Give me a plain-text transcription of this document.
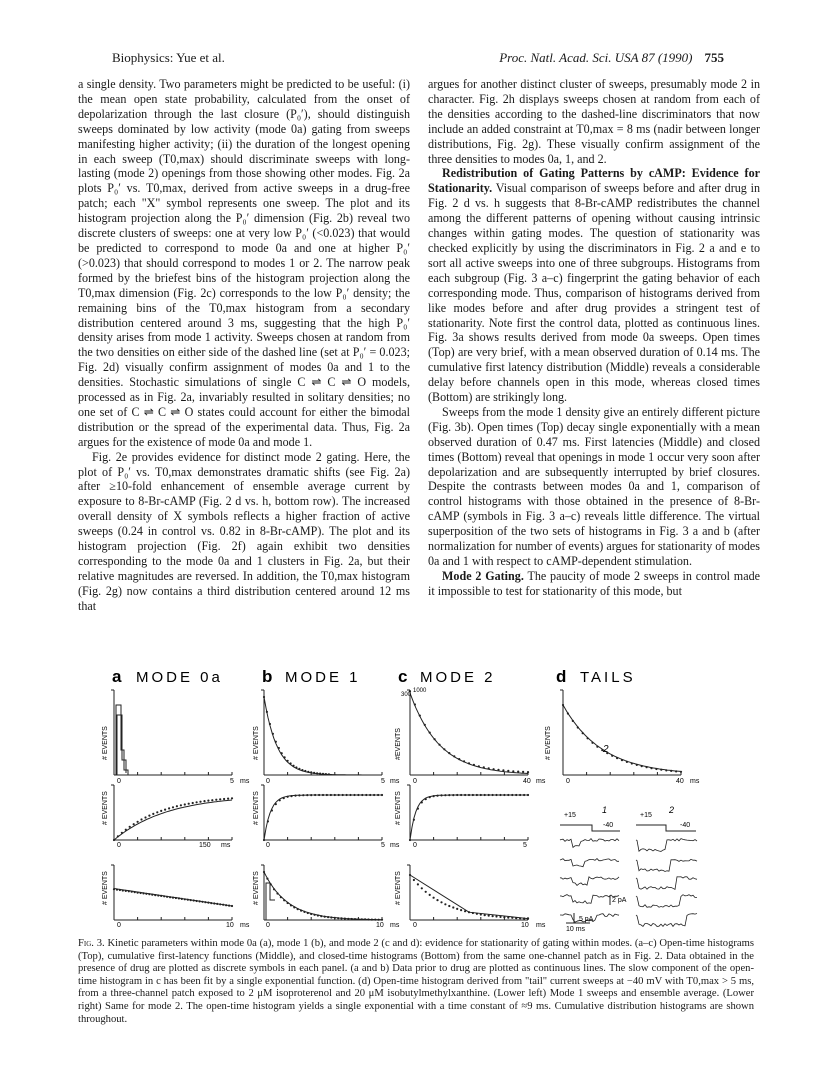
Biophysics: Yue et al.	Proc. Natl. Acad. Sci. USA 87 (1990) 755

a single density. Two parameters might be predicted to be useful: (i) the mean open state probability, calculated from the onset of depolarization through the last closure (P₀′), should distinguish sweeps dominated by low activity (mode 0a) gating from sweeps manifesting higher activity; (ii) the duration of the longest opening in each sweep (T0,max) should discriminate sweeps with long-lasting (mode 2) openings from those showing other modes. Fig. 2a plots P₀′ vs. T0,max, derived from active sweeps in a drug-free patch; each "X" symbol represents one sweep. The plot and its histogram projection along the P₀′ dimension (Fig. 2b) reveal two discrete clusters of sweeps: one at very low P₀′ (<0.023) that would be predicted to correspond to mode 0a and one at higher P₀′ (>0.023) that should correspond to modes 1 or 2. The narrow peak formed by the briefest bins of the histogram projection along the T0,max dimension (Fig. 2c) corresponds to the low P₀′ density; the remaining bins of the T0,max histogram from a secondary distribution centered around 3 ms, suggesting that the high P₀′ density arises from mode 1 activity. Sweeps chosen at random from the two densities on either side of the dashed line (set at P₀′ = 0.023; Fig. 2d) visually confirm assignment of modes 0a and 1 to the densities. Stochastic simulations of single C ⇌ C ⇌ O models, processed as in Fig. 2a, invariably resulted in solitary densities; no one set of C ⇌ C ⇌ O states could account for either the bimodal distribution or the spread of the experimental data. Thus, Fig. 2a argues for the existence of mode 0a and mode 1.

Fig. 2e provides evidence for distinct mode 2 gating. Here, the plot of P₀′ vs. T0,max demonstrates dramatic shifts (see Fig. 2a) after ≥10-fold enhancement of ensemble average current by exposure to 8-Br-cAMP (Fig. 2 d vs. h, bottom row). The increased overall density of X symbols reflects a higher fraction of active sweeps (0.24 in control vs. 0.82 in 8-Br-cAMP). The plot and its histogram projection (Fig. 2f) again exhibit two densities corresponding to the mode 0a and 1 clusters in Fig. 2a, but their relative magnitudes are reversed. In addition, the T0,max histogram (Fig. 2g) now contains a third distribution centered around 12 ms that

argues for another distinct cluster of sweeps, presumably mode 2 in character. Fig. 2h displays sweeps chosen at random from each of the densities according to the dashed-line discriminators that now include an added constraint at T0,max = 8 ms (nadir between longer distributions, Fig. 2g). These visually confirm assignment of the three densities to modes 0a, 1, and 2.

Redistribution of Gating Patterns by cAMP: Evidence for Stationarity. Visual comparison of sweeps before and after drug in Fig. 2 d vs. h suggests that 8-Br-cAMP redistributes the channel among the different patterns of opening without causing intrinsic changes within gating modes. The question of stationarity was checked explicitly by using the discriminators in Fig. 2 a and e to sort all active sweeps into one of three subgroups. Histograms from each subgroup (Fig. 3 a–c) fingerprint the gating behavior of each corresponding mode. Thus, comparison of histograms derived from like modes before and after drug provides a stringent test of stationarity. Note first the control data, plotted as continuous lines. Fig. 3a shows results derived from mode 0a sweeps. Open times (Top) are very brief, with a mean observed duration of 0.14 ms. The cumulative first latency distribution (Middle) reveals a considerable delay before channels open in this mode, whereas closed times (Bottom) are strikingly long.

Sweeps from the mode 1 density give an entirely different picture (Fig. 3b). Open times (Top) decay single exponentially with a mean observed duration of 0.47 ms. First latencies (Middle) and closed times (Bottom) reveal that openings in mode 1 occur very soon after depolarization and are subsequently interrupted by brief closures. Despite the contrasts between modes 0a and 1, comparison of control histograms with those obtained in the presence of 8-Br-cAMP (symbols in Fig. 3 a–c) reveals little difference. The virtual superposition of the two sets of histograms in Fig. 3 a and b (after normalization for number of events) argues for stationarity of modes 0a and 1 with respect to cAMP-dependent stimulation.

Mode 2 Gating. The paucity of mode 2 sweeps in control made it impossible to test for stationarity of this mode, but

a MODE 0a b MODE 1 c MODE 2	d TAILS
# EVENTS	# EVENTS	#EVENTS	# EVENTS
# EVENTS	# EVENTS	# EVENTS
# EVENTS	# EVENTS	# EVENTS
0	5 ms 0	5 ms 0	40 ms	0	40 ms
300
1000
2
0	150 ms	0	5 ms 0	5
0	10 ms 0	10 ms 0	10 ms
+15
1
-40
+15
2
-40
2 pA
.5 pA
10 ms
Fig. 3. Kinetic parameters within mode 0a (a), mode 1 (b), and mode 2 (c and d): evidence for stationarity of gating within modes. (a–c) Open-time histograms (Top), cumulative first-latency functions (Middle), and closed-time histograms (Bottom) from the same one-channel patch as in Fig. 2. Data obtained in the presence of drug are plotted as discrete symbols in each panel. (a and b) Data prior to drug are plotted as continuous lines. The slow component of the open-time histogram in c has been fit by a single exponential function. (d) Open-time histogram derived from "tail" current sweeps at −40 mV with T0,max > 5 ms, from a three-channel patch exposed to 2 μM isoproterenol and 20 μM isobutylmethylxanthine. (Lower left) Mode 1 sweeps and ensemble average. (Lower right) Same for mode 2. The open-time histogram yields a single exponential with a time constant of ≈9 ms. Cumulative distribution histograms are shown throughout.
